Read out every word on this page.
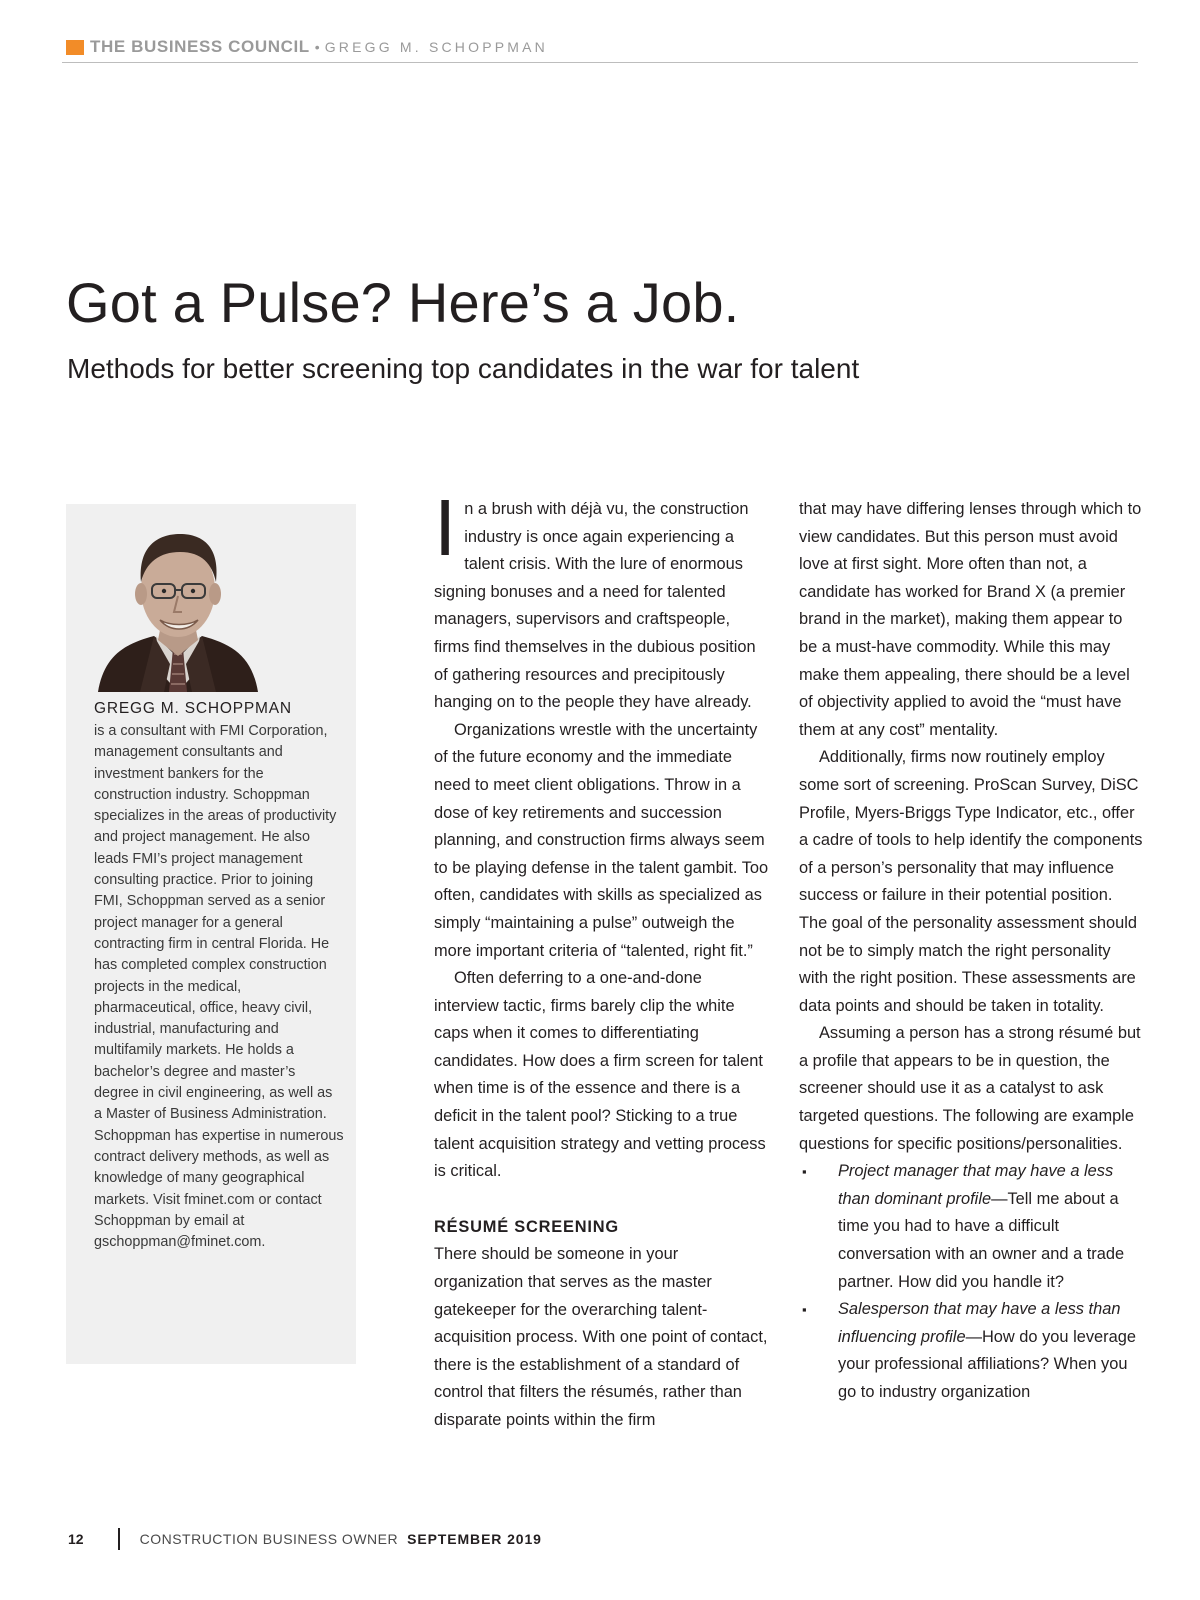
THE BUSINESS COUNCIL • GREGG M. SCHOPPMAN
Got a Pulse? Here’s a Job.
Methods for better screening top candidates in the war for talent
GREGG M. SCHOPPMAN
is a consultant with FMI Corporation, management consultants and investment bankers for the construction industry. Schoppman specializes in the areas of productivity and project management. He also leads FMI’s project management consulting practice. Prior to joining FMI, Schoppman served as a senior project manager for a general contracting firm in central Florida. He has completed complex construction projects in the medical, pharmaceutical, office, heavy civil, industrial, manufacturing and multifamily markets. He holds a bachelor’s degree and master’s degree in civil engineering, as well as a Master of Business Administration. Schoppman has expertise in numerous contract delivery methods, as well as knowledge of many geographical markets. Visit fminet.com or contact Schoppman by email at gschoppman@fminet.com.

In a brush with déjà vu, the construction industry is once again experiencing a talent crisis. With the lure of enormous signing bonuses and a need for talented managers, supervisors and craftspeople, firms find themselves in the dubious position of gathering resources and precipitously hanging on to the people they have already.

Organizations wrestle with the uncertainty of the future economy and the immediate need to meet client obligations. Throw in a dose of key retirements and succession planning, and construction firms always seem to be playing defense in the talent gambit. Too often, candidates with skills as specialized as simply “maintaining a pulse” outweigh the more important criteria of “talented, right fit.”

Often deferring to a one-and-done interview tactic, firms barely clip the white caps when it comes to differentiating candidates. How does a firm screen for talent when time is of the essence and there is a deficit in the talent pool? Sticking to a true talent acquisition strategy and vetting process is critical.

RÉSUMÉ SCREENING

There should be someone in your organization that serves as the master gatekeeper for the overarching talent-acquisition process. With one point of contact, there is the establishment of a standard of control that filters the résumés, rather than disparate points within the firm

that may have differing lenses through which to view candidates. But this person must avoid love at first sight. More often than not, a candidate has worked for Brand X (a premier brand in the market), making them appear to be a must-have commodity. While this may make them appealing, there should be a level of objectivity applied to avoid the “must have them at any cost” mentality.

Additionally, firms now routinely employ some sort of screening. ProScan Survey, DiSC Profile, Myers-Briggs Type Indicator, etc., offer a cadre of tools to help identify the components of a person’s personality that may influence success or failure in their potential position. The goal of the personality assessment should not be to simply match the right personality with the right position. These assessments are data points and should be taken in totality.

Assuming a person has a strong résumé but a profile that appears to be in question, the screener should use it as a catalyst to ask targeted questions. The following are example questions for specific positions/personalities.

▪ Project manager that may have a less than dominant profile—Tell me about a time you had to have a difficult conversation with an owner and a trade partner. How did you handle it?

▪ Salesperson that may have a less than influencing profile—How do you leverage your professional affiliations? When you go to industry organization

12	CONSTRUCTION BUSINESS OWNER SEPTEMBER 2019
